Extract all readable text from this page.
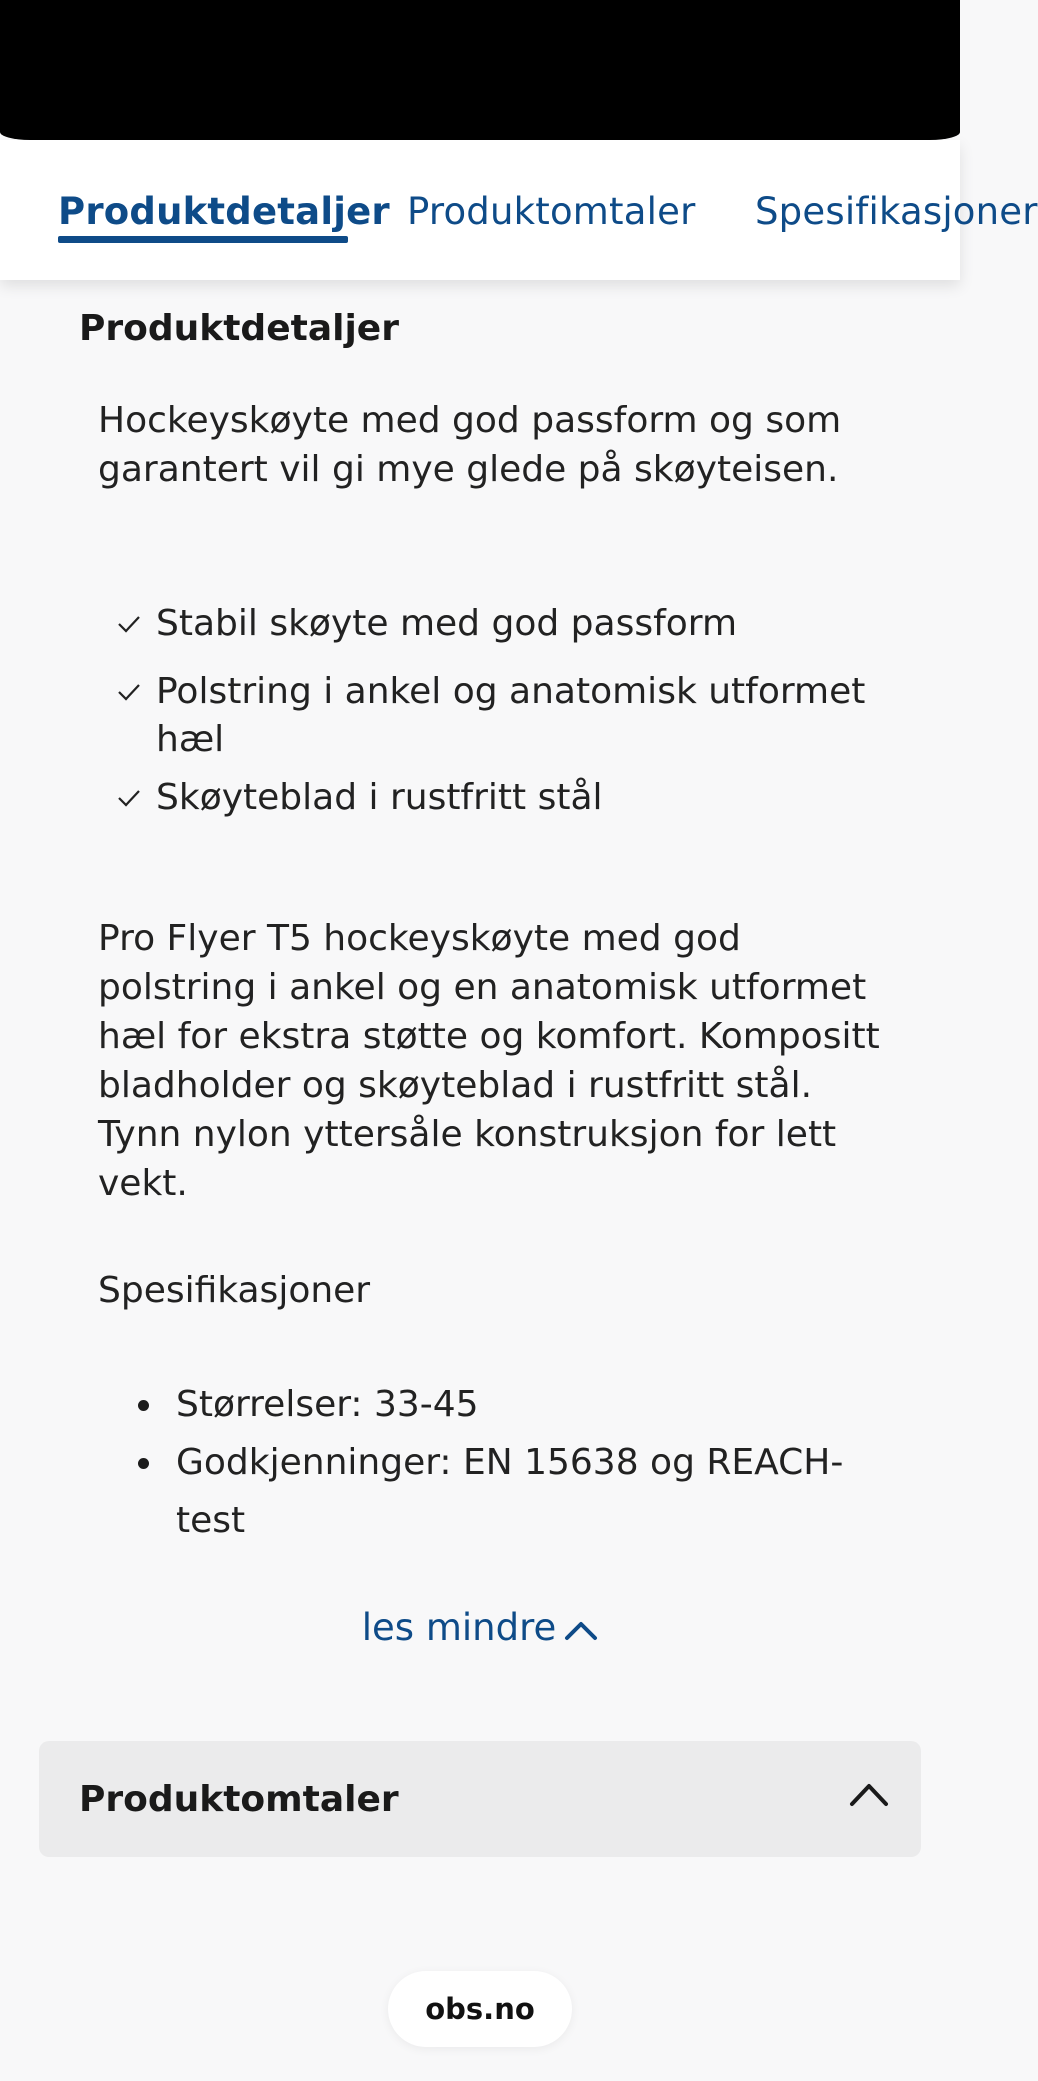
Produktdetaljer Produktomtaler Spesifikasjoner
Produktdetaljer

Hockeyskøyte med god passform og som garantert vil gi mye glede på skøyteisen.

Stabil skøyte med god passform
Polstring i ankel og anatomisk utformet hæl
Skøyteblad i rustfritt stål

Pro Flyer T5 hockeyskøyte med god polstring i ankel og en anatomisk utformet hæl for ekstra støtte og komfort. Kompositt bladholder og skøyteblad i rustfritt stål. Tynn nylon yttersåle konstruksjon for lett vekt.

Spesifikasjoner

Størrelser: 33-45
Godkjenninger: EN 15638 og REACH-test
les mindre
Produktomtaler
obs.no
